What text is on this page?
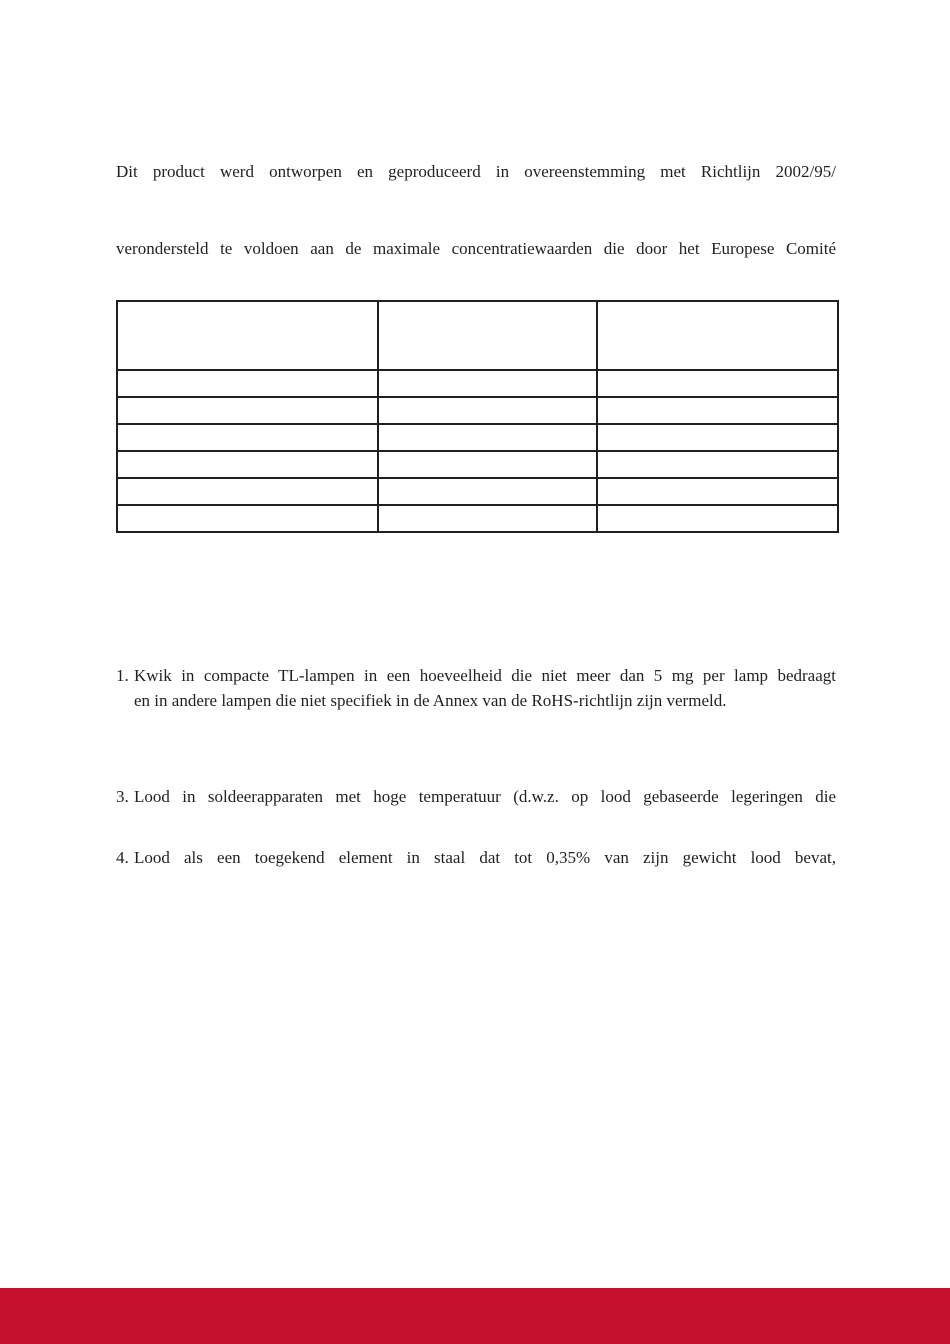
Dit product werd ontworpen en geproduceerd in overeenstemming met Richtlijn 2002/95/
verondersteld te voldoen aan de maximale concentratiewaarden die door het Europese Comité

1. Kwik in compacte TL-lampen in een hoeveelheid die niet meer dan 5 mg per lamp bedraagt
en in andere lampen die niet specifiek in de Annex van de RoHS-richtlijn zijn vermeld.
3. Lood in soldeerapparaten met hoge temperatuur (d.w.z. op lood gebaseerde legeringen die
4. Lood als een toegekend element in staal dat tot 0,35% van zijn gewicht lood bevat,
